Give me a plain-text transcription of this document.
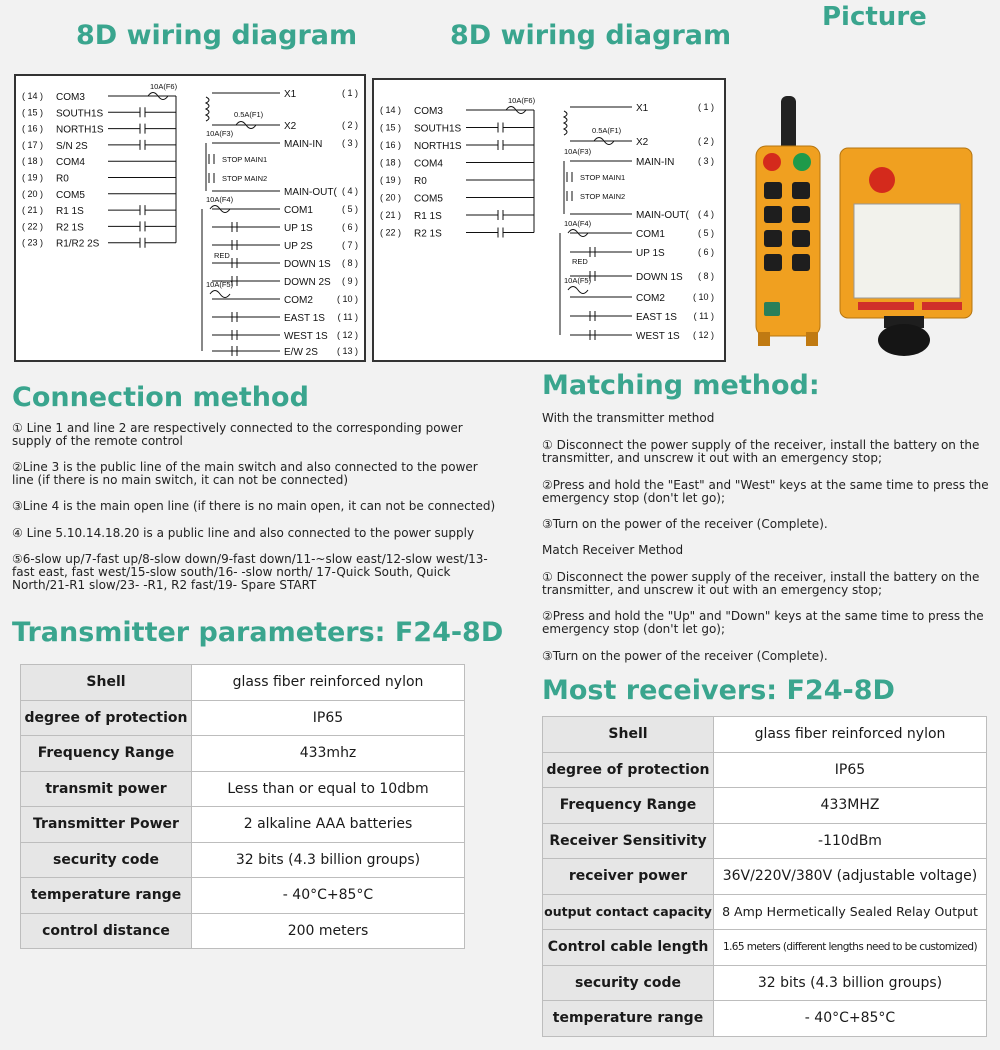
8D wiring diagram	8D wiring diagram
Picture
( 14 ) COM3
( 15 ) SOUTH1S
( 16 ) NORTH1S
( 17 ) S/N 2S
( 18 ) COM4
( 19 ) R0
( 20 ) COM5
( 21 ) R1 1S
( 22 ) R2 1S
( 23 ) R1/R2 2S
10A(F6)
X1	( 1 )
X2	( 2 )
MAIN-IN ( 3 )
MAIN-OUT( ( 4 )
COM1	( 5 )
UP 1S	( 6 )
UP 2S	( 7 )
DOWN 1S ( 8 )
DOWN 2S ( 9 )
COM2	( 10 )
EAST 1S ( 11 )
WEST 1S ( 12 )
E/W 2S ( 13 )
0.5A(F1)
10A(F3)
STOP MAIN1
STOP MAIN2
10A(F4)
RED
10A(F5)
( 14 ) COM3
( 15 ) SOUTH1S
( 16 ) NORTH1S
( 18 ) COM4
( 19 ) R0
( 20 ) COM5
( 21 ) R1 1S
( 22 ) R2 1S
10A(F6)
X1	( 1 )
X2	( 2 )
MAIN-IN	( 3 )
MAIN-OUT( ( 4 )
COM1	( 5 )
UP 1S	( 6 )
DOWN 1S ( 8 )
COM2	( 10 )
EAST 1S ( 11 )
WEST 1S ( 12 )
0.5A(F1)
10A(F3)
STOP MAIN1
STOP MAIN2
10A(F4)
RED
10A(F5)
Connection method
① Line 1 and line 2 are respectively connected to the corresponding power supply of the remote control
②Line 3 is the public line of the main switch and also connected to the power line (if there is no main switch, it can not be connected)
③Line 4 is the main open line (if there is no main open, it can not be connected)
④ Line 5.10.14.18.20 is a public line and also connected to the power supply
⑤6-slow up/7-fast up/8-slow down/9-fast down/11-~slow east/12-slow west/13-fast east, fast west/15-slow south/16- -slow north/ 17-Quick South, Quick North/21-R1 slow/23- -R1, R2 fast/19- Spare START
Matching method:
With the transmitter method
① Disconnect the power supply of the receiver, install the battery on the transmitter, and unscrew it out with an emergency stop;
②Press and hold the "East" and "West" keys at the same time to press the emergency stop (don't let go);
③Turn on the power of the receiver (Complete).
Match Receiver Method
① Disconnect the power supply of the receiver, install the battery on the transmitter, and unscrew it out with an emergency stop;
②Press and hold the "Up" and "Down" keys at the same time to press the emergency stop (don't let go);
③Turn on the power of the receiver (Complete).
Transmitter parameters: F24-8D
Shell	glass fiber reinforced nylon
degree of protection	IP65
Frequency Range	433mhz
transmit power	Less than or equal to 10dbm
Transmitter Power	2 alkaline AAA batteries
security code	32 bits (4.3 billion groups)
temperature range	- 40°C+85°C
control distance	200 meters
Most receivers: F24-8D
Shell	glass fiber reinforced nylon
degree of protection	IP65
Frequency Range	433MHZ
Receiver Sensitivity	-110dBm
receiver power	36V/220V/380V (adjustable voltage)
output contact capacity	8 Amp Hermetically Sealed Relay Output
Control cable length	1.65 meters (different lengths need to be customized)
security code	32 bits (4.3 billion groups)
temperature range	- 40°C+85°C
